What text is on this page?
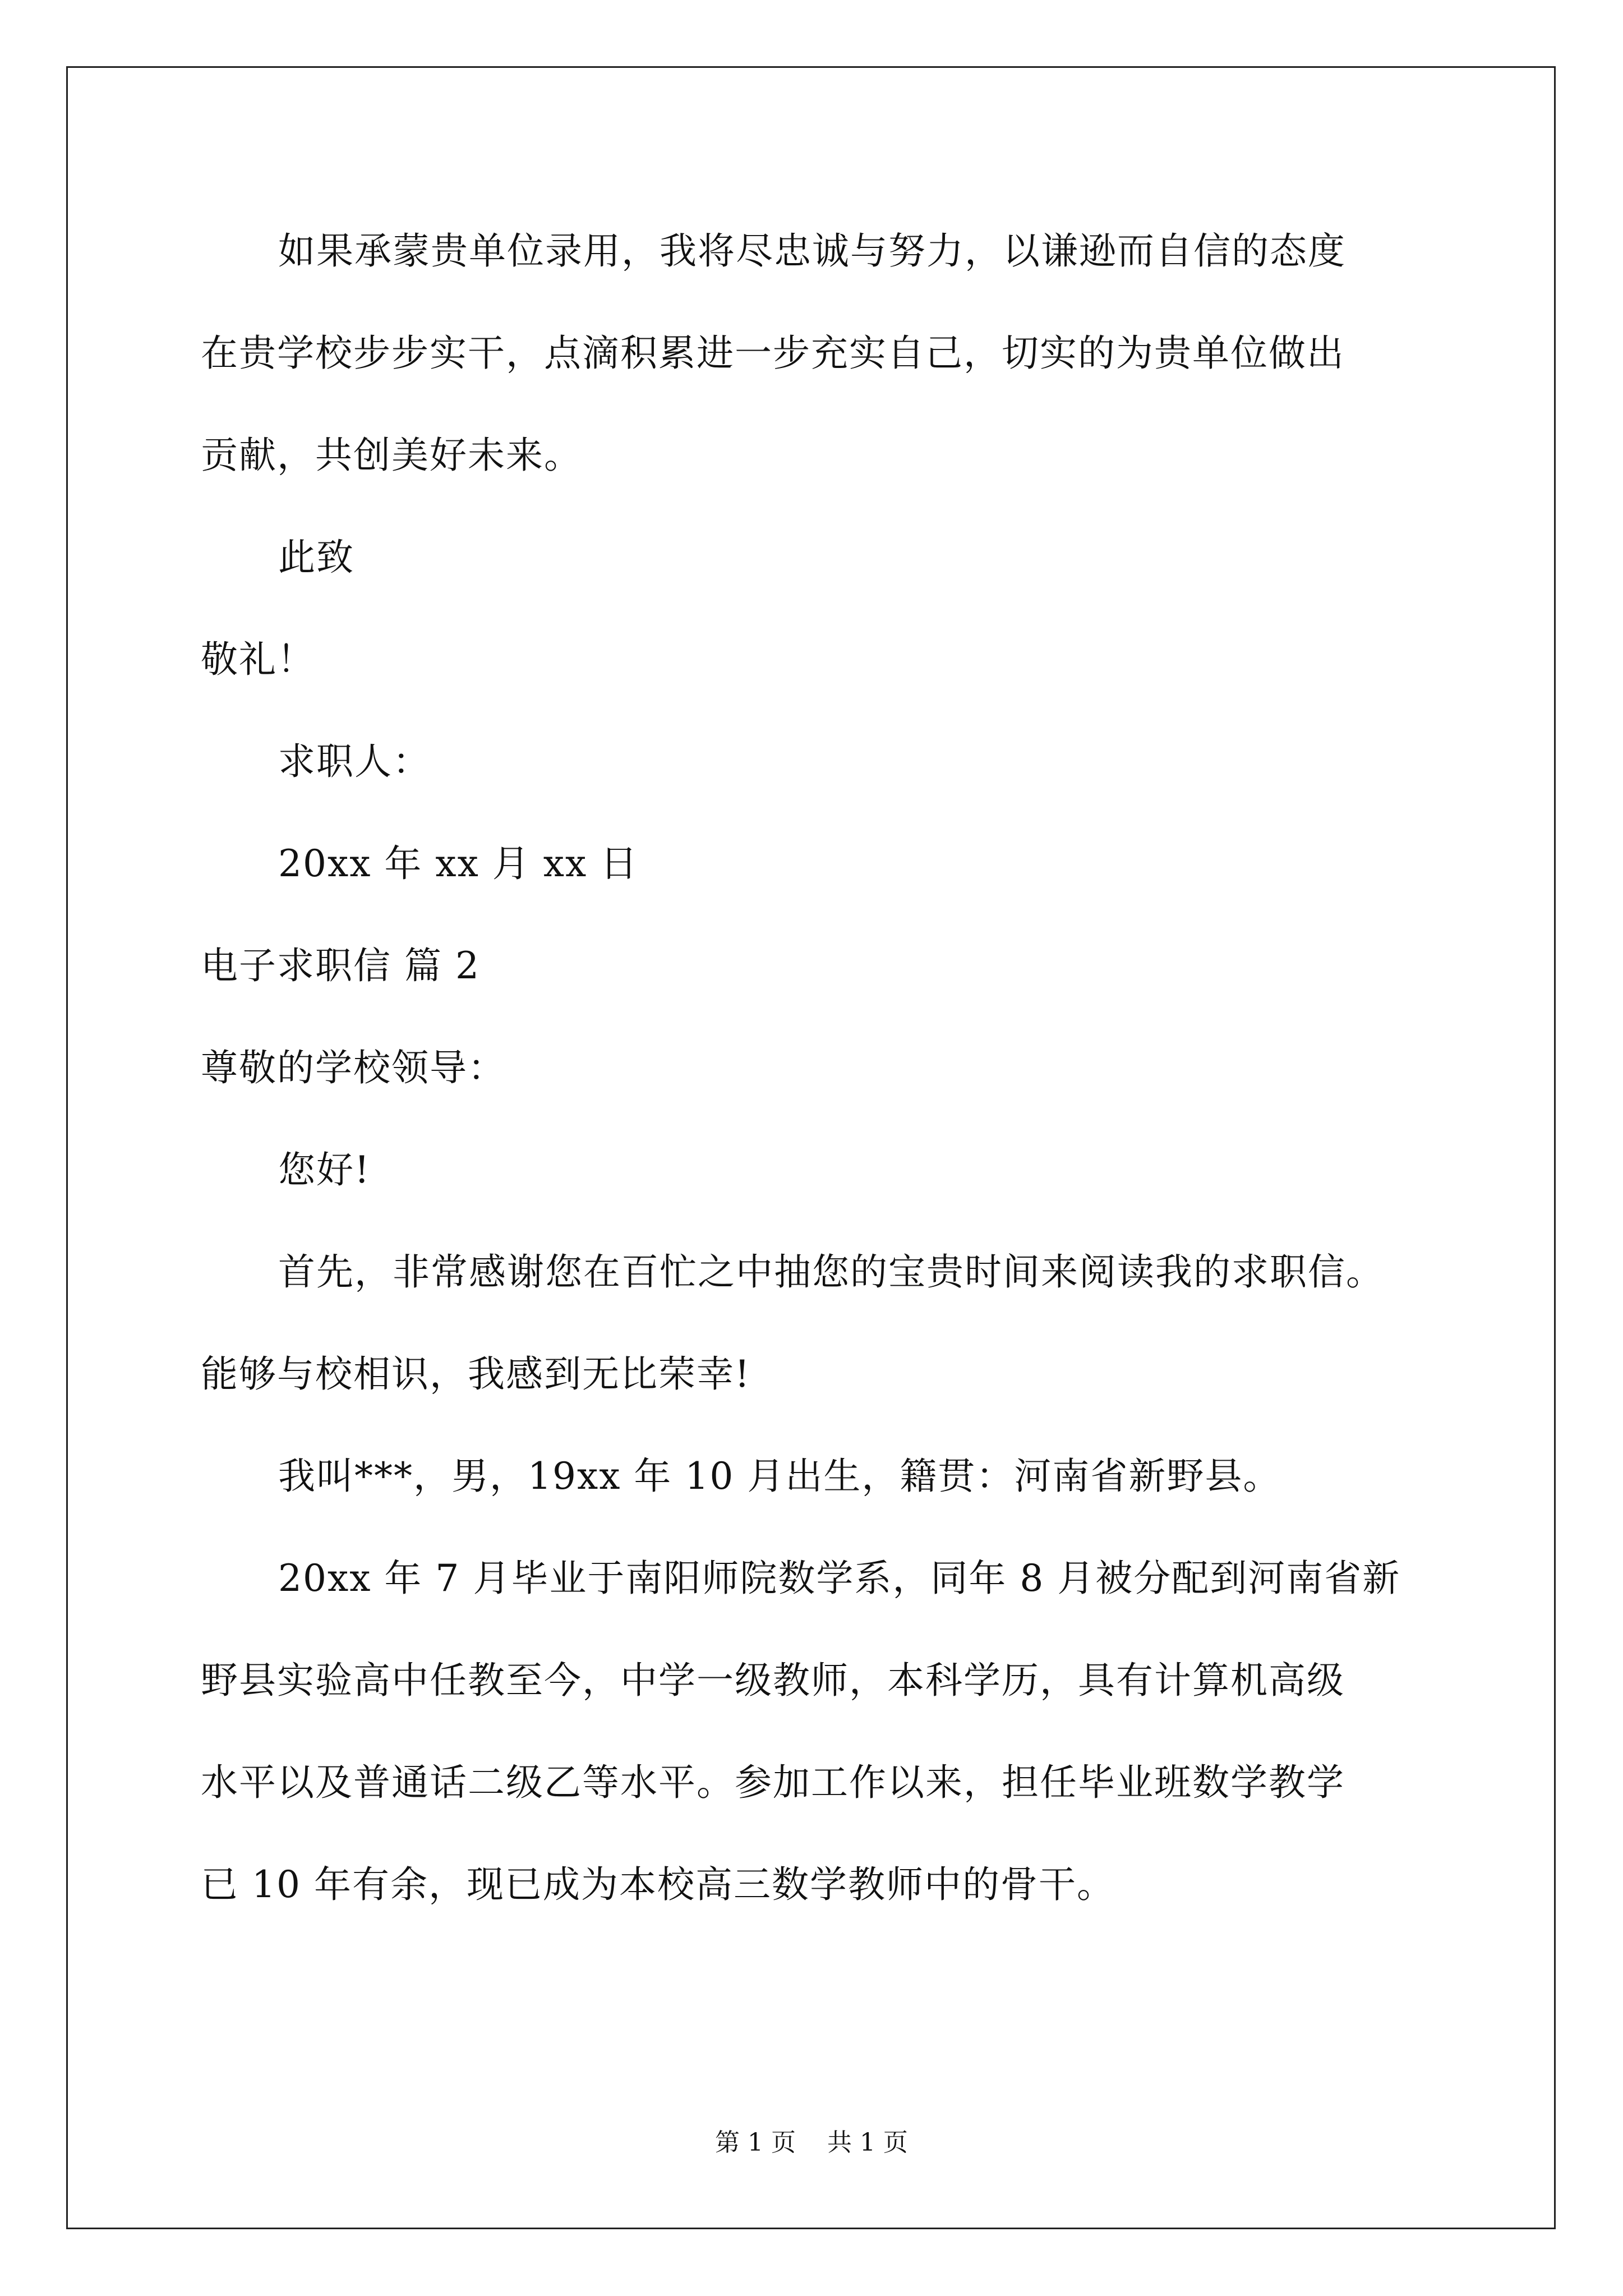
如果承蒙贵单位录用，我将尽忠诚与努力，以谦逊而自信的态度
在贵学校步步实干，点滴积累进一步充实自己，切实的为贵单位做出
贡献，共创美好未来。
此致
敬礼！
求职人：
20xx 年 xx 月 xx 日
电子求职信 篇 2
尊敬的学校领导：
您好!
首先，非常感谢您在百忙之中抽您的宝贵时间来阅读我的求职信。
能够与校相识，我感到无比荣幸!
我叫***，男，19xx 年 10 月出生，籍贯：河南省新野县。
20xx 年 7 月毕业于南阳师院数学系，同年 8 月被分配到河南省新
野县实验高中任教至今，中学一级教师，本科学历，具有计算机高级
水平以及普通话二级乙等水平。参加工作以来，担任毕业班数学教学
已 10 年有余，现已成为本校高三数学教师中的骨干。
第 1 页    共 1 页
